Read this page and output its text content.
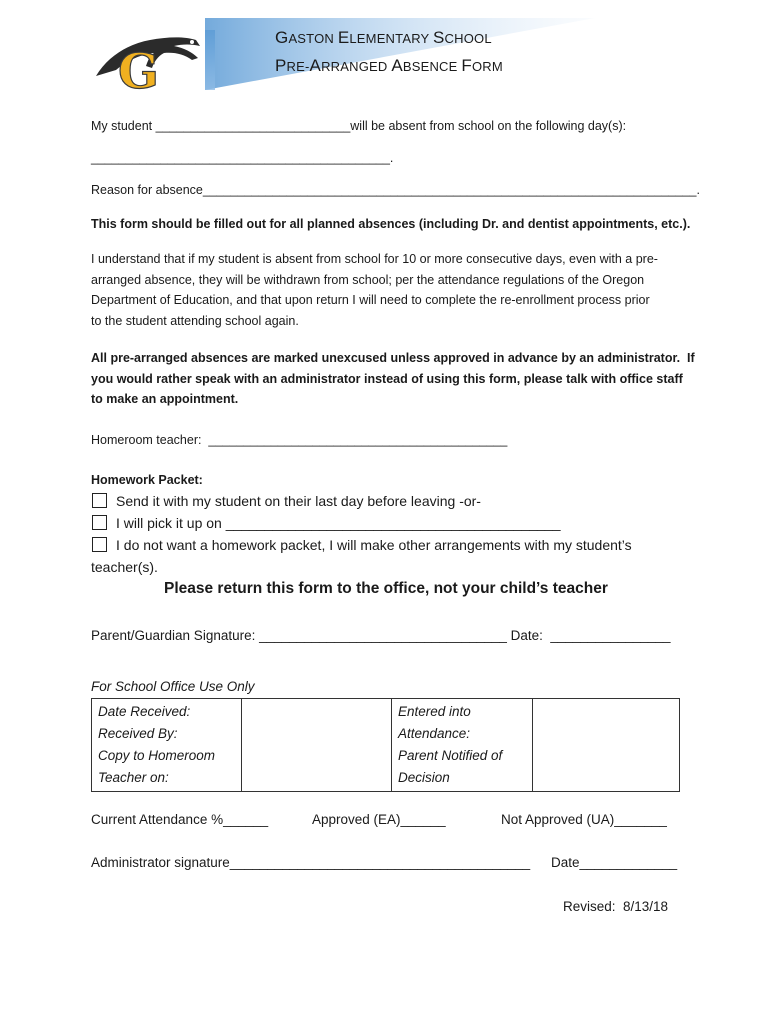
G
GASTON ELEMENTARY SCHOOL
PRE-ARRANGED ABSENCE FORM
My student ____________________________will be absent from school on the following day(s):
___________________________________________.
Reason for absence_______________________________________________________________________.
This form should be filled out for all planned absences (including Dr. and dentist appointments, etc.).
I understand that if my student is absent from school for 10 or more consecutive days, even with a pre-
arranged absence, they will be withdrawn from school; per the attendance regulations of the Oregon
Department of Education, and that upon return I will need to complete the re-enrollment process prior
to the student attending school again.
All pre-arranged absences are marked unexcused unless approved in advance by an administrator.  If
you would rather speak with an administrator instead of using this form, please talk with office staff
to make an appointment.
Homeroom teacher:  ___________________________________________
Homework Packet:
Send it with my student on their last day before leaving -or-
I will pick it up on ___________________________________________
I do not want a homework packet, I will make other arrangements with my student’s
teacher(s).
Please return this form to the office, not your child’s teacher
Parent/Guardian Signature: _________________________________ Date:  ________________
For School Office Use Only
Date Received:
Received By:
Copy to Homeroom
Teacher on:

Entered into
Attendance:
Parent Notified of
Decision

Current Attendance %______	Approved (EA)______	Not Approved (UA)_______
Administrator signature________________________________________ Date_____________
Revised:  8/13/18
